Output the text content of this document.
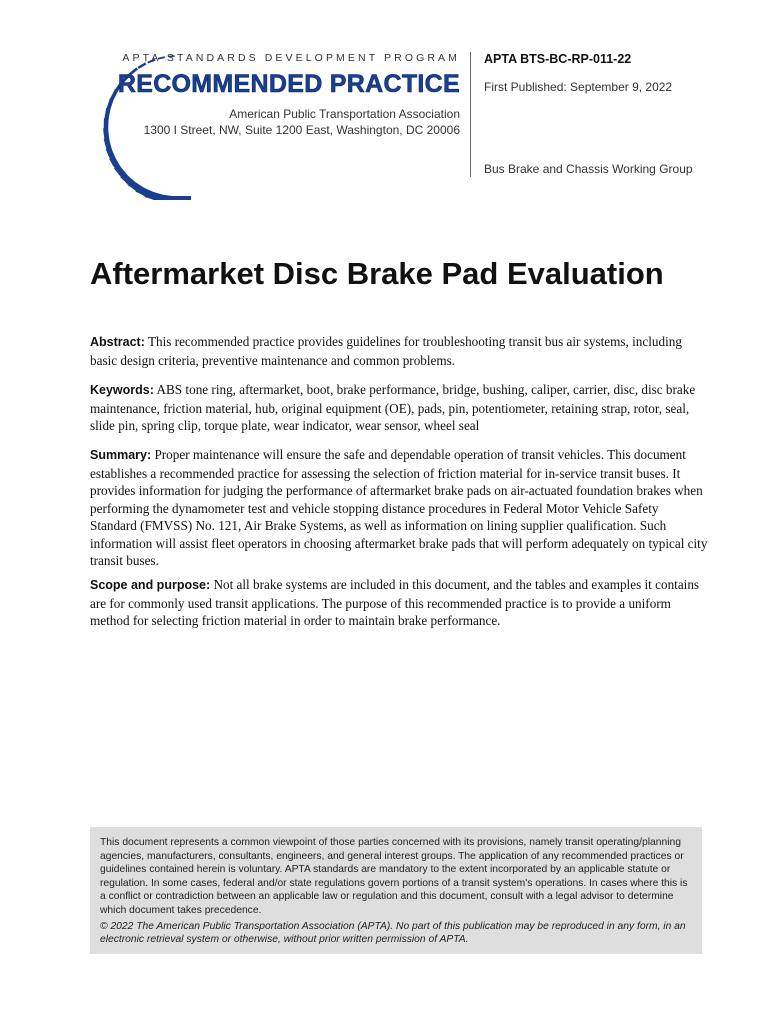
APTA STANDARDS DEVELOPMENT PROGRAM
RECOMMENDED PRACTICE
American Public Transportation Association
1300 I Street, NW, Suite 1200 East, Washington, DC 20006
APTA BTS-BC-RP-011-22
First Published: September 9, 2022
Bus Brake and Chassis Working Group
Aftermarket Disc Brake Pad Evaluation
Abstract: This recommended practice provides guidelines for troubleshooting transit bus air systems, including basic design criteria, preventive maintenance and common problems.
Keywords: ABS tone ring, aftermarket, boot, brake performance, bridge, bushing, caliper, carrier, disc, disc brake maintenance, friction material, hub, original equipment (OE), pads, pin, potentiometer, retaining strap, rotor, seal, slide pin, spring clip, torque plate, wear indicator, wear sensor, wheel seal
Summary: Proper maintenance will ensure the safe and dependable operation of transit vehicles. This document establishes a recommended practice for assessing the selection of friction material for in-service transit buses. It provides information for judging the performance of aftermarket brake pads on air-actuated foundation brakes when performing the dynamometer test and vehicle stopping distance procedures in Federal Motor Vehicle Safety Standard (FMVSS) No. 121, Air Brake Systems, as well as information on lining supplier qualification. Such information will assist fleet operators in choosing aftermarket brake pads that will perform adequately on typical city transit buses.
Scope and purpose: Not all brake systems are included in this document, and the tables and examples it contains are for commonly used transit applications. The purpose of this recommended practice is to provide a uniform method for selecting friction material in order to maintain brake performance.
This document represents a common viewpoint of those parties concerned with its provisions, namely transit operating/planning agencies, manufacturers, consultants, engineers, and general interest groups. The application of any recommended practices or guidelines contained herein is voluntary. APTA standards are mandatory to the extent incorporated by an applicable statute or regulation. In some cases, federal and/or state regulations govern portions of a transit system's operations. In cases where this is a conflict or contradiction between an applicable law or regulation and this document, consult with a legal advisor to determine which document takes precedence.
© 2022 The American Public Transportation Association (APTA). No part of this publication may be reproduced in any form, in an electronic retrieval system or otherwise, without prior written permission of APTA.
